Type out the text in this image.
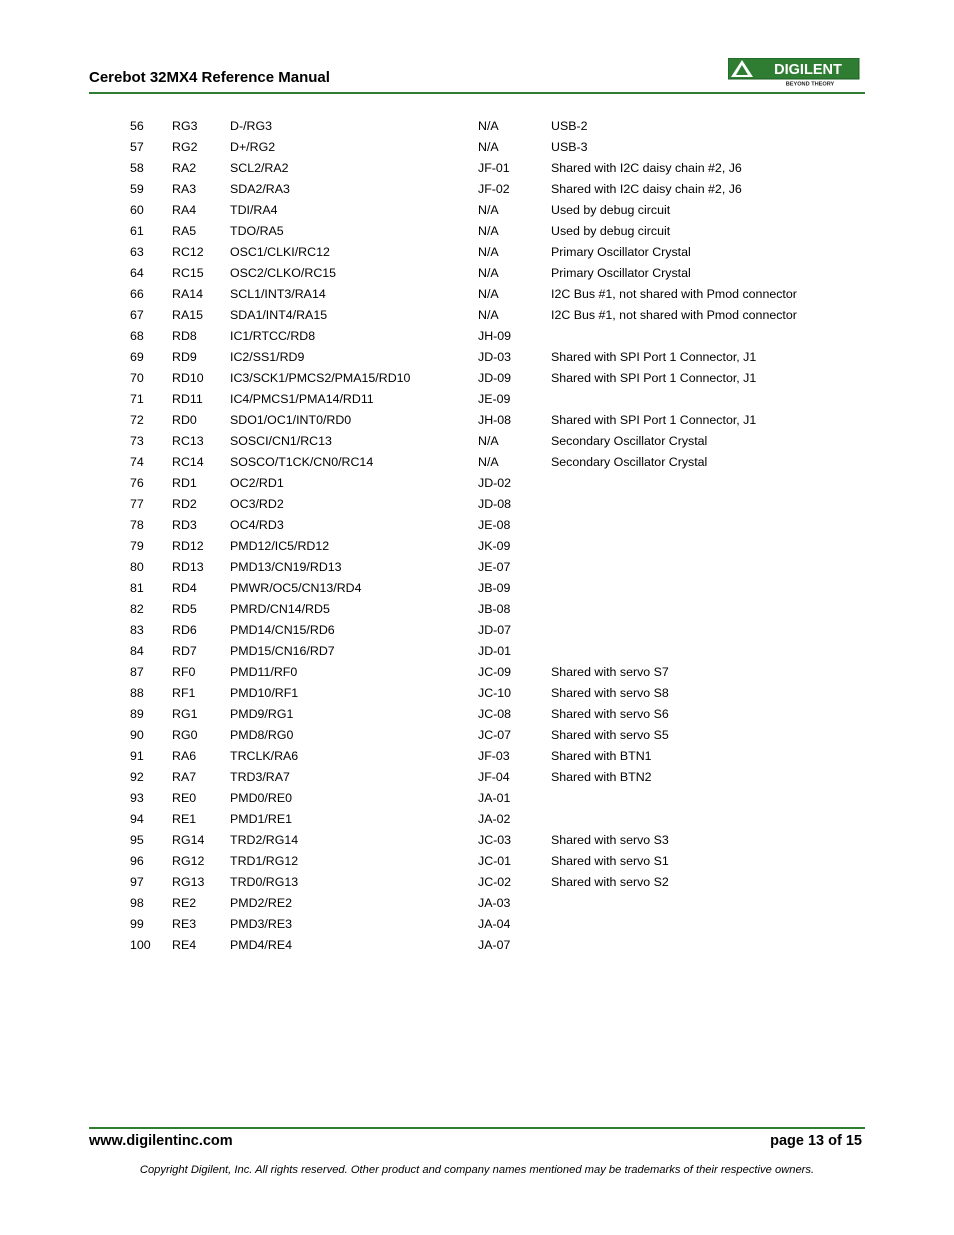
Cerebot 32MX4 Reference Manual	DIGILENT
BEYOND THEORY
56	RG3	D-/RG3	N/A	USB-2
57	RG2	D+/RG2	N/A	USB-3
58	RA2	SCL2/RA2	JF-01	Shared with I2C daisy chain #2, J6
59	RA3	SDA2/RA3	JF-02	Shared with I2C daisy chain #2, J6
60	RA4	TDI/RA4	N/A	Used by debug circuit
61	RA5	TDO/RA5	N/A	Used by debug circuit
63	RC12	OSC1/CLKI/RC12	N/A	Primary Oscillator Crystal
64	RC15	OSC2/CLKO/RC15	N/A	Primary Oscillator Crystal
66	RA14	SCL1/INT3/RA14	N/A	I2C Bus #1, not shared with Pmod connector
67	RA15	SDA1/INT4/RA15	N/A	I2C Bus #1, not shared with Pmod connector
68	RD8	IC1/RTCC/RD8	JH-09	
69	RD9	IC2/SS1/RD9	JD-03	Shared with SPI Port 1 Connector, J1
70	RD10	IC3/SCK1/PMCS2/PMA15/RD10	JD-09	Shared with SPI Port 1 Connector, J1
71	RD11	IC4/PMCS1/PMA14/RD11	JE-09	
72	RD0	SDO1/OC1/INT0/RD0	JH-08	Shared with SPI Port 1 Connector, J1
73	RC13	SOSCI/CN1/RC13	N/A	Secondary Oscillator Crystal
74	RC14	SOSCO/T1CK/CN0/RC14	N/A	Secondary Oscillator Crystal
76	RD1	OC2/RD1	JD-02	
77	RD2	OC3/RD2	JD-08	
78	RD3	OC4/RD3	JE-08	
79	RD12	PMD12/IC5/RD12	JK-09	
80	RD13	PMD13/CN19/RD13	JE-07	
81	RD4	PMWR/OC5/CN13/RD4	JB-09	
82	RD5	PMRD/CN14/RD5	JB-08	
83	RD6	PMD14/CN15/RD6	JD-07	
84	RD7	PMD15/CN16/RD7	JD-01	
87	RF0	PMD11/RF0	JC-09	Shared with servo S7
88	RF1	PMD10/RF1	JC-10	Shared with servo S8
89	RG1	PMD9/RG1	JC-08	Shared with servo S6
90	RG0	PMD8/RG0	JC-07	Shared with servo S5
91	RA6	TRCLK/RA6	JF-03	Shared with BTN1
92	RA7	TRD3/RA7	JF-04	Shared with BTN2
93	RE0	PMD0/RE0	JA-01	
94	RE1	PMD1/RE1	JA-02	
95	RG14	TRD2/RG14	JC-03	Shared with servo S3
96	RG12	TRD1/RG12	JC-01	Shared with servo S1
97	RG13	TRD0/RG13	JC-02	Shared with servo S2
98	RE2	PMD2/RE2	JA-03	
99	RE3	PMD3/RE3	JA-04	
100	RE4	PMD4/RE4	JA-07	
www.digilentinc.com	page 13 of 15
Copyright Digilent, Inc. All rights reserved. Other product and company names mentioned may be trademarks of their respective owners.
